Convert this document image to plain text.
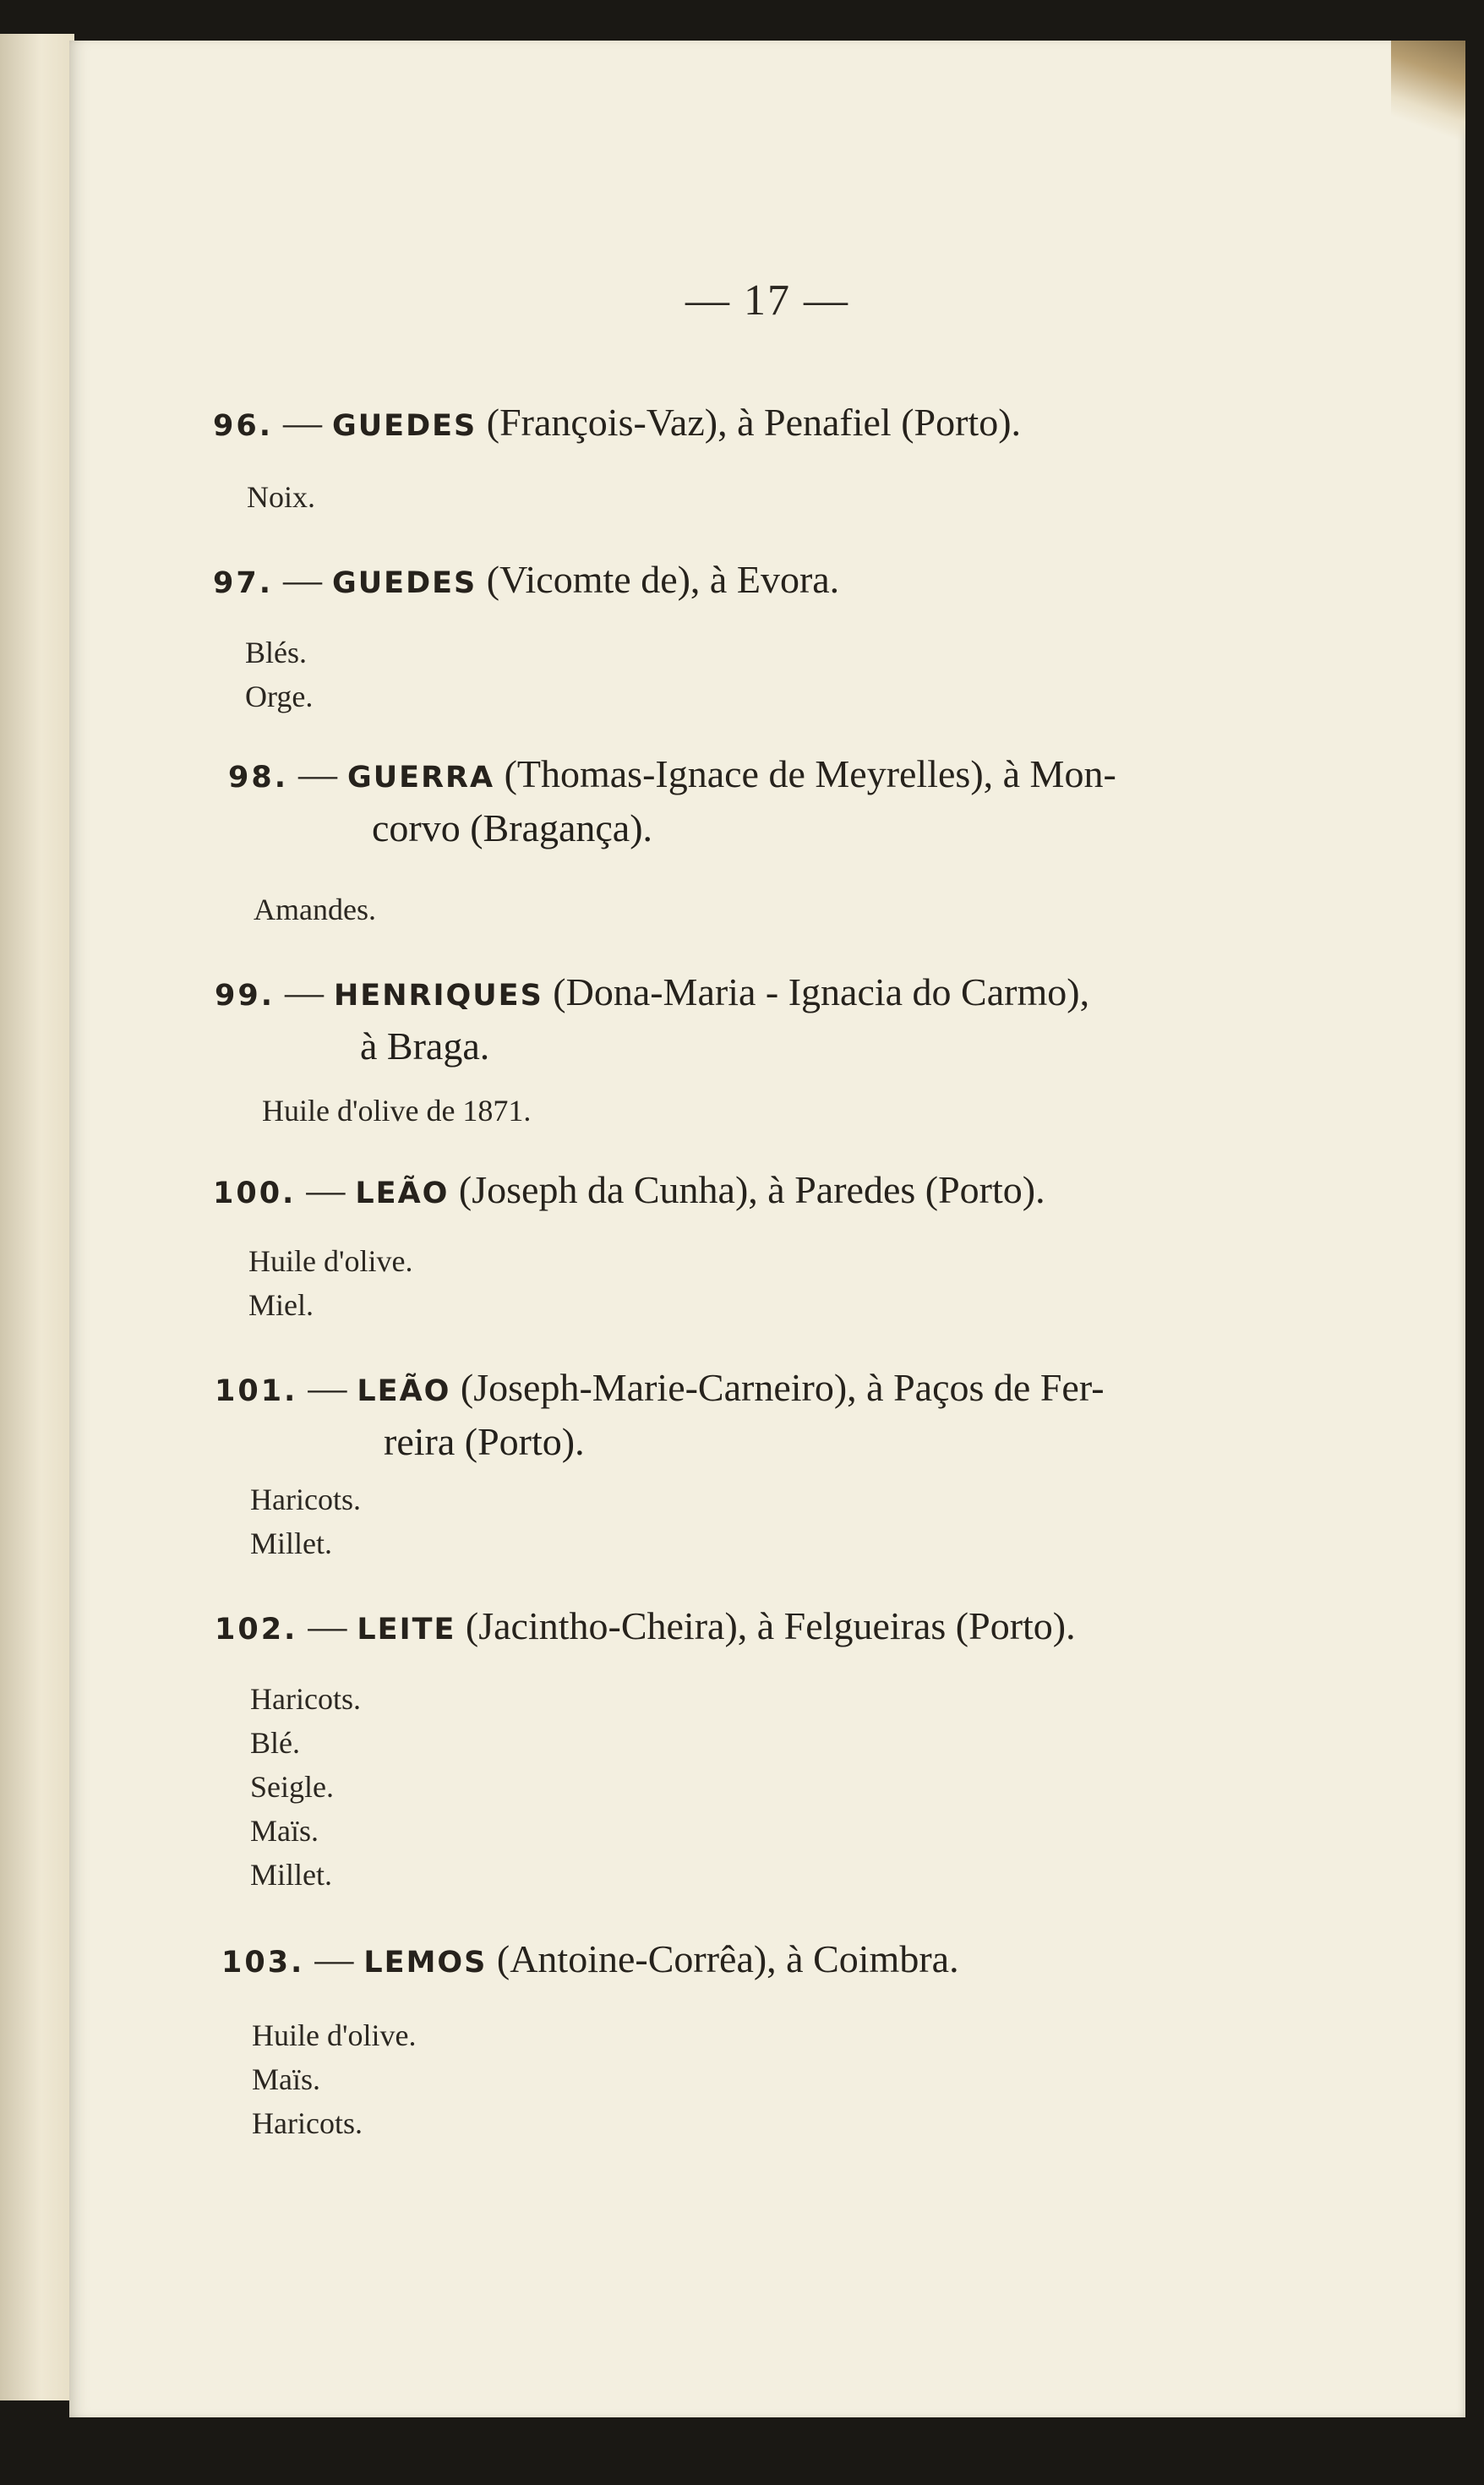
— 17 —
96. — GUEDES (François-Vaz), à Penafiel (Porto).
Noix.
97. — GUEDES (Vicomte de), à Evora.
Blés.
Orge.
98. — GUERRA (Thomas-Ignace de Meyrelles), à Mon-
corvo (Bragança).
Amandes.
99. — HENRIQUES (Dona-Maria - Ignacia do Carmo),
à Braga.
Huile d'olive de 1871.
100. — LEÃO (Joseph da Cunha), à Paredes (Porto).
Huile d'olive.
Miel.
101. — LEÃO (Joseph-Marie-Carneiro), à Paços de Fer-
reira (Porto).
Haricots.
Millet.
102. — LEITE (Jacintho-Cheira), à Felgueiras (Porto).
Haricots.
Blé.
Seigle.
Maïs.
Millet.
103. — LEMOS (Antoine-Corrêa), à Coimbra.
Huile d'olive.
Maïs.
Haricots.
